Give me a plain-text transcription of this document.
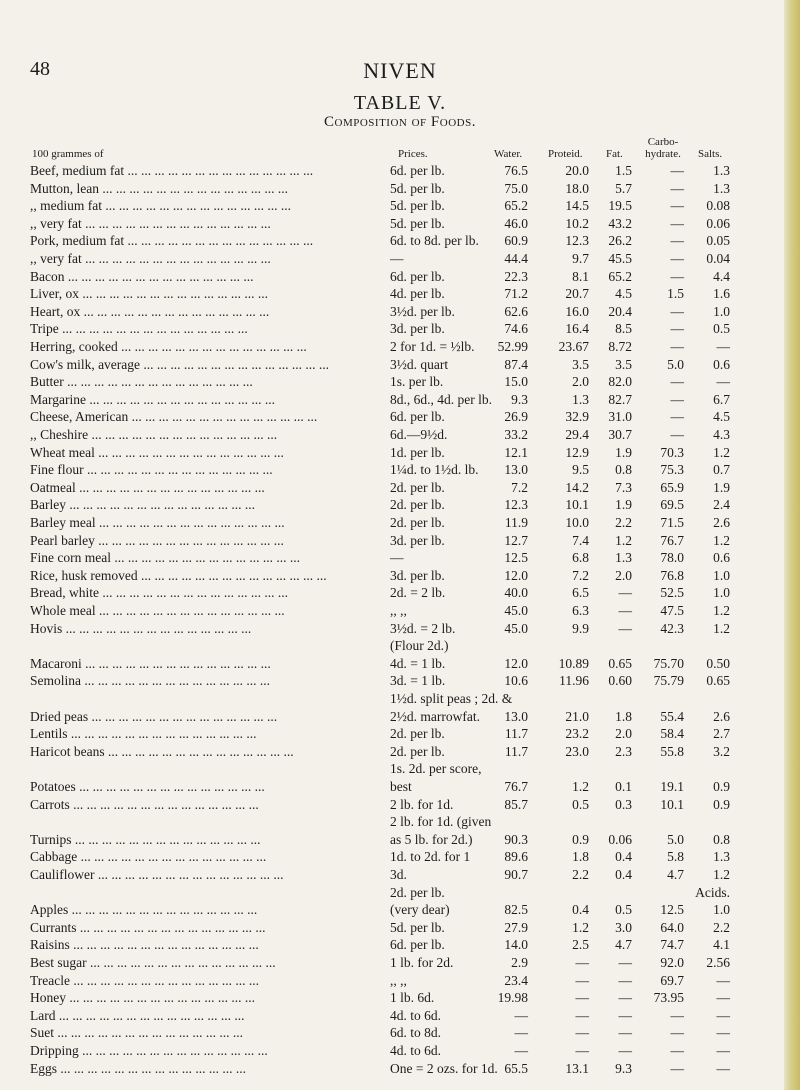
48	NIVEN
TABLE V.
Composition of Foods.
100 grammes of	Prices.	Water. Proteid. Fat.
Carbo-
hydrate.	Salts.
Beef, medium fat ... ... ... ... ... ... ... ... ... ... ... ... ... ...	6d. per lb.	76.5	20.0	1.5	—	1.3
Mutton, lean ... ... ... ... ... ... ... ... ... ... ... ... ... ...	5d. per lb.	75.0	18.0	5.7	—	1.3
,, medium fat ... ... ... ... ... ... ... ... ... ... ... ... ... ...	5d. per lb.	65.2	14.5	19.5	—	0.08
,, very fat ... ... ... ... ... ... ... ... ... ... ... ... ... ...	5d. per lb.	46.0	10.2	43.2	—	0.06
Pork, medium fat ... ... ... ... ... ... ... ... ... ... ... ... ... ...	6d. to 8d. per lb.	60.9	12.3	26.2	—	0.05
,, very fat ... ... ... ... ... ... ... ... ... ... ... ... ... ...	—	44.4	9.7	45.5	—	0.04
Bacon ... ... ... ... ... ... ... ... ... ... ... ... ... ...	6d. per lb.	22.3	8.1	65.2	—	4.4
Liver, ox ... ... ... ... ... ... ... ... ... ... ... ... ... ...	4d. per lb.	71.2	20.7	4.5	1.5	1.6
Heart, ox ... ... ... ... ... ... ... ... ... ... ... ... ... ...	3½d. per lb.	62.6	16.0	20.4	—	1.0
Tripe ... ... ... ... ... ... ... ... ... ... ... ... ... ...	3d. per lb.	74.6	16.4	8.5	—	0.5
Herring, cooked ... ... ... ... ... ... ... ... ... ... ... ... ... ...	2 for 1d. = ½lb.	52.99	23.67	8.72	—	—
Cow's milk, average ... ... ... ... ... ... ... ... ... ... ... ... ... ...	3½d. quart	87.4	3.5	3.5	5.0	0.6
Butter ... ... ... ... ... ... ... ... ... ... ... ... ... ...	1s. per lb.	15.0	2.0	82.0	—	—
Margarine ... ... ... ... ... ... ... ... ... ... ... ... ... ...	8d., 6d., 4d. per lb.	9.3	1.3	82.7	—	6.7
Cheese, American ... ... ... ... ... ... ... ... ... ... ... ... ... ...	6d. per lb.	26.9	32.9	31.0	—	4.5
,, Cheshire ... ... ... ... ... ... ... ... ... ... ... ... ... ...	6d.—9½d.	33.2	29.4	30.7	—	4.3
Wheat meal ... ... ... ... ... ... ... ... ... ... ... ... ... ...	1d. per lb.	12.1	12.9	1.9	70.3	1.2
Fine flour ... ... ... ... ... ... ... ... ... ... ... ... ... ...	1¼d. to 1½d. lb.	13.0	9.5	0.8	75.3	0.7
Oatmeal ... ... ... ... ... ... ... ... ... ... ... ... ... ...	2d. per lb.	7.2	14.2	7.3	65.9	1.9
Barley ... ... ... ... ... ... ... ... ... ... ... ... ... ...	2d. per lb.	12.3	10.1	1.9	69.5	2.4
Barley meal ... ... ... ... ... ... ... ... ... ... ... ... ... ...	2d. per lb.	11.9	10.0	2.2	71.5	2.6
Pearl barley ... ... ... ... ... ... ... ... ... ... ... ... ... ...	3d. per lb.	12.7	7.4	1.2	76.7	1.2
Fine corn meal ... ... ... ... ... ... ... ... ... ... ... ... ... ...	—	12.5	6.8	1.3	78.0	0.6
Rice, husk removed ... ... ... ... ... ... ... ... ... ... ... ... ... ...	3d. per lb.	12.0	7.2	2.0	76.8	1.0
Bread, white ... ... ... ... ... ... ... ... ... ... ... ... ... ...	2d. = 2 lb.	40.0	6.5	—	52.5	1.0
Whole meal ... ... ... ... ... ... ... ... ... ... ... ... ... ...	,, ,,	45.0	6.3	—	47.5	1.2
Hovis ... ... ... ... ... ... ... ... ... ... ... ... ... ...	3½d. = 2 lb.	45.0	9.9	—	42.3	1.2
(Flour 2d.)
Macaroni ... ... ... ... ... ... ... ... ... ... ... ... ... ...	4d. = 1 lb.	12.0	10.89	0.65	75.70	0.50
Semolina ... ... ... ... ... ... ... ... ... ... ... ... ... ...	3d. = 1 lb.	10.6	11.96	0.60	75.79	0.65
1½d. split peas ; 2d. &
Dried peas ... ... ... ... ... ... ... ... ... ... ... ... ... ...	2½d. marrowfat.	13.0	21.0	1.8	55.4	2.6
Lentils ... ... ... ... ... ... ... ... ... ... ... ... ... ...	2d. per lb.	11.7	23.2	2.0	58.4	2.7
Haricot beans ... ... ... ... ... ... ... ... ... ... ... ... ... ...	2d. per lb.	11.7	23.0	2.3	55.8	3.2
1s. 2d. per score,
Potatoes ... ... ... ... ... ... ... ... ... ... ... ... ... ...	best	76.7	1.2	0.1	19.1	0.9
Carrots ... ... ... ... ... ... ... ... ... ... ... ... ... ...	2 lb. for 1d.	85.7	0.5	0.3	10.1	0.9
2 lb. for 1d. (given
Turnips ... ... ... ... ... ... ... ... ... ... ... ... ... ...	as 5 lb. for 2d.)	90.3	0.9	0.06	5.0	0.8
Cabbage ... ... ... ... ... ... ... ... ... ... ... ... ... ...	1d. to 2d. for 1	89.6	1.8	0.4	5.8	1.3
Cauliflower ... ... ... ... ... ... ... ... ... ... ... ... ... ...	3d.	90.7	2.2	0.4	4.7	1.2
2d. per lb.	Acids.
Apples ... ... ... ... ... ... ... ... ... ... ... ... ... ...	(very dear)	82.5	0.4	0.5	12.5	1.0
Currants ... ... ... ... ... ... ... ... ... ... ... ... ... ...	5d. per lb.	27.9	1.2	3.0	64.0	2.2
Raisins ... ... ... ... ... ... ... ... ... ... ... ... ... ...	6d. per lb.	14.0	2.5	4.7	74.7	4.1
Best sugar ... ... ... ... ... ... ... ... ... ... ... ... ... ...	1 lb. for 2d.	2.9	—	—	92.0	2.56
Treacle ... ... ... ... ... ... ... ... ... ... ... ... ... ...	,, ,,	23.4	—	—	69.7	—
Honey ... ... ... ... ... ... ... ... ... ... ... ... ... ...	1 lb. 6d.	19.98	—	—	73.95	—
Lard ... ... ... ... ... ... ... ... ... ... ... ... ... ...	4d. to 6d.	—	—	—	—	—
Suet ... ... ... ... ... ... ... ... ... ... ... ... ... ...	6d. to 8d.	—	—	—	—	—
Dripping ... ... ... ... ... ... ... ... ... ... ... ... ... ...	4d. to 6d.	—	—	—	—	—
Eggs ... ... ... ... ... ... ... ... ... ... ... ... ... ...	One = 2 ozs. for 1d. 65.5	13.1	9.3	—	—
